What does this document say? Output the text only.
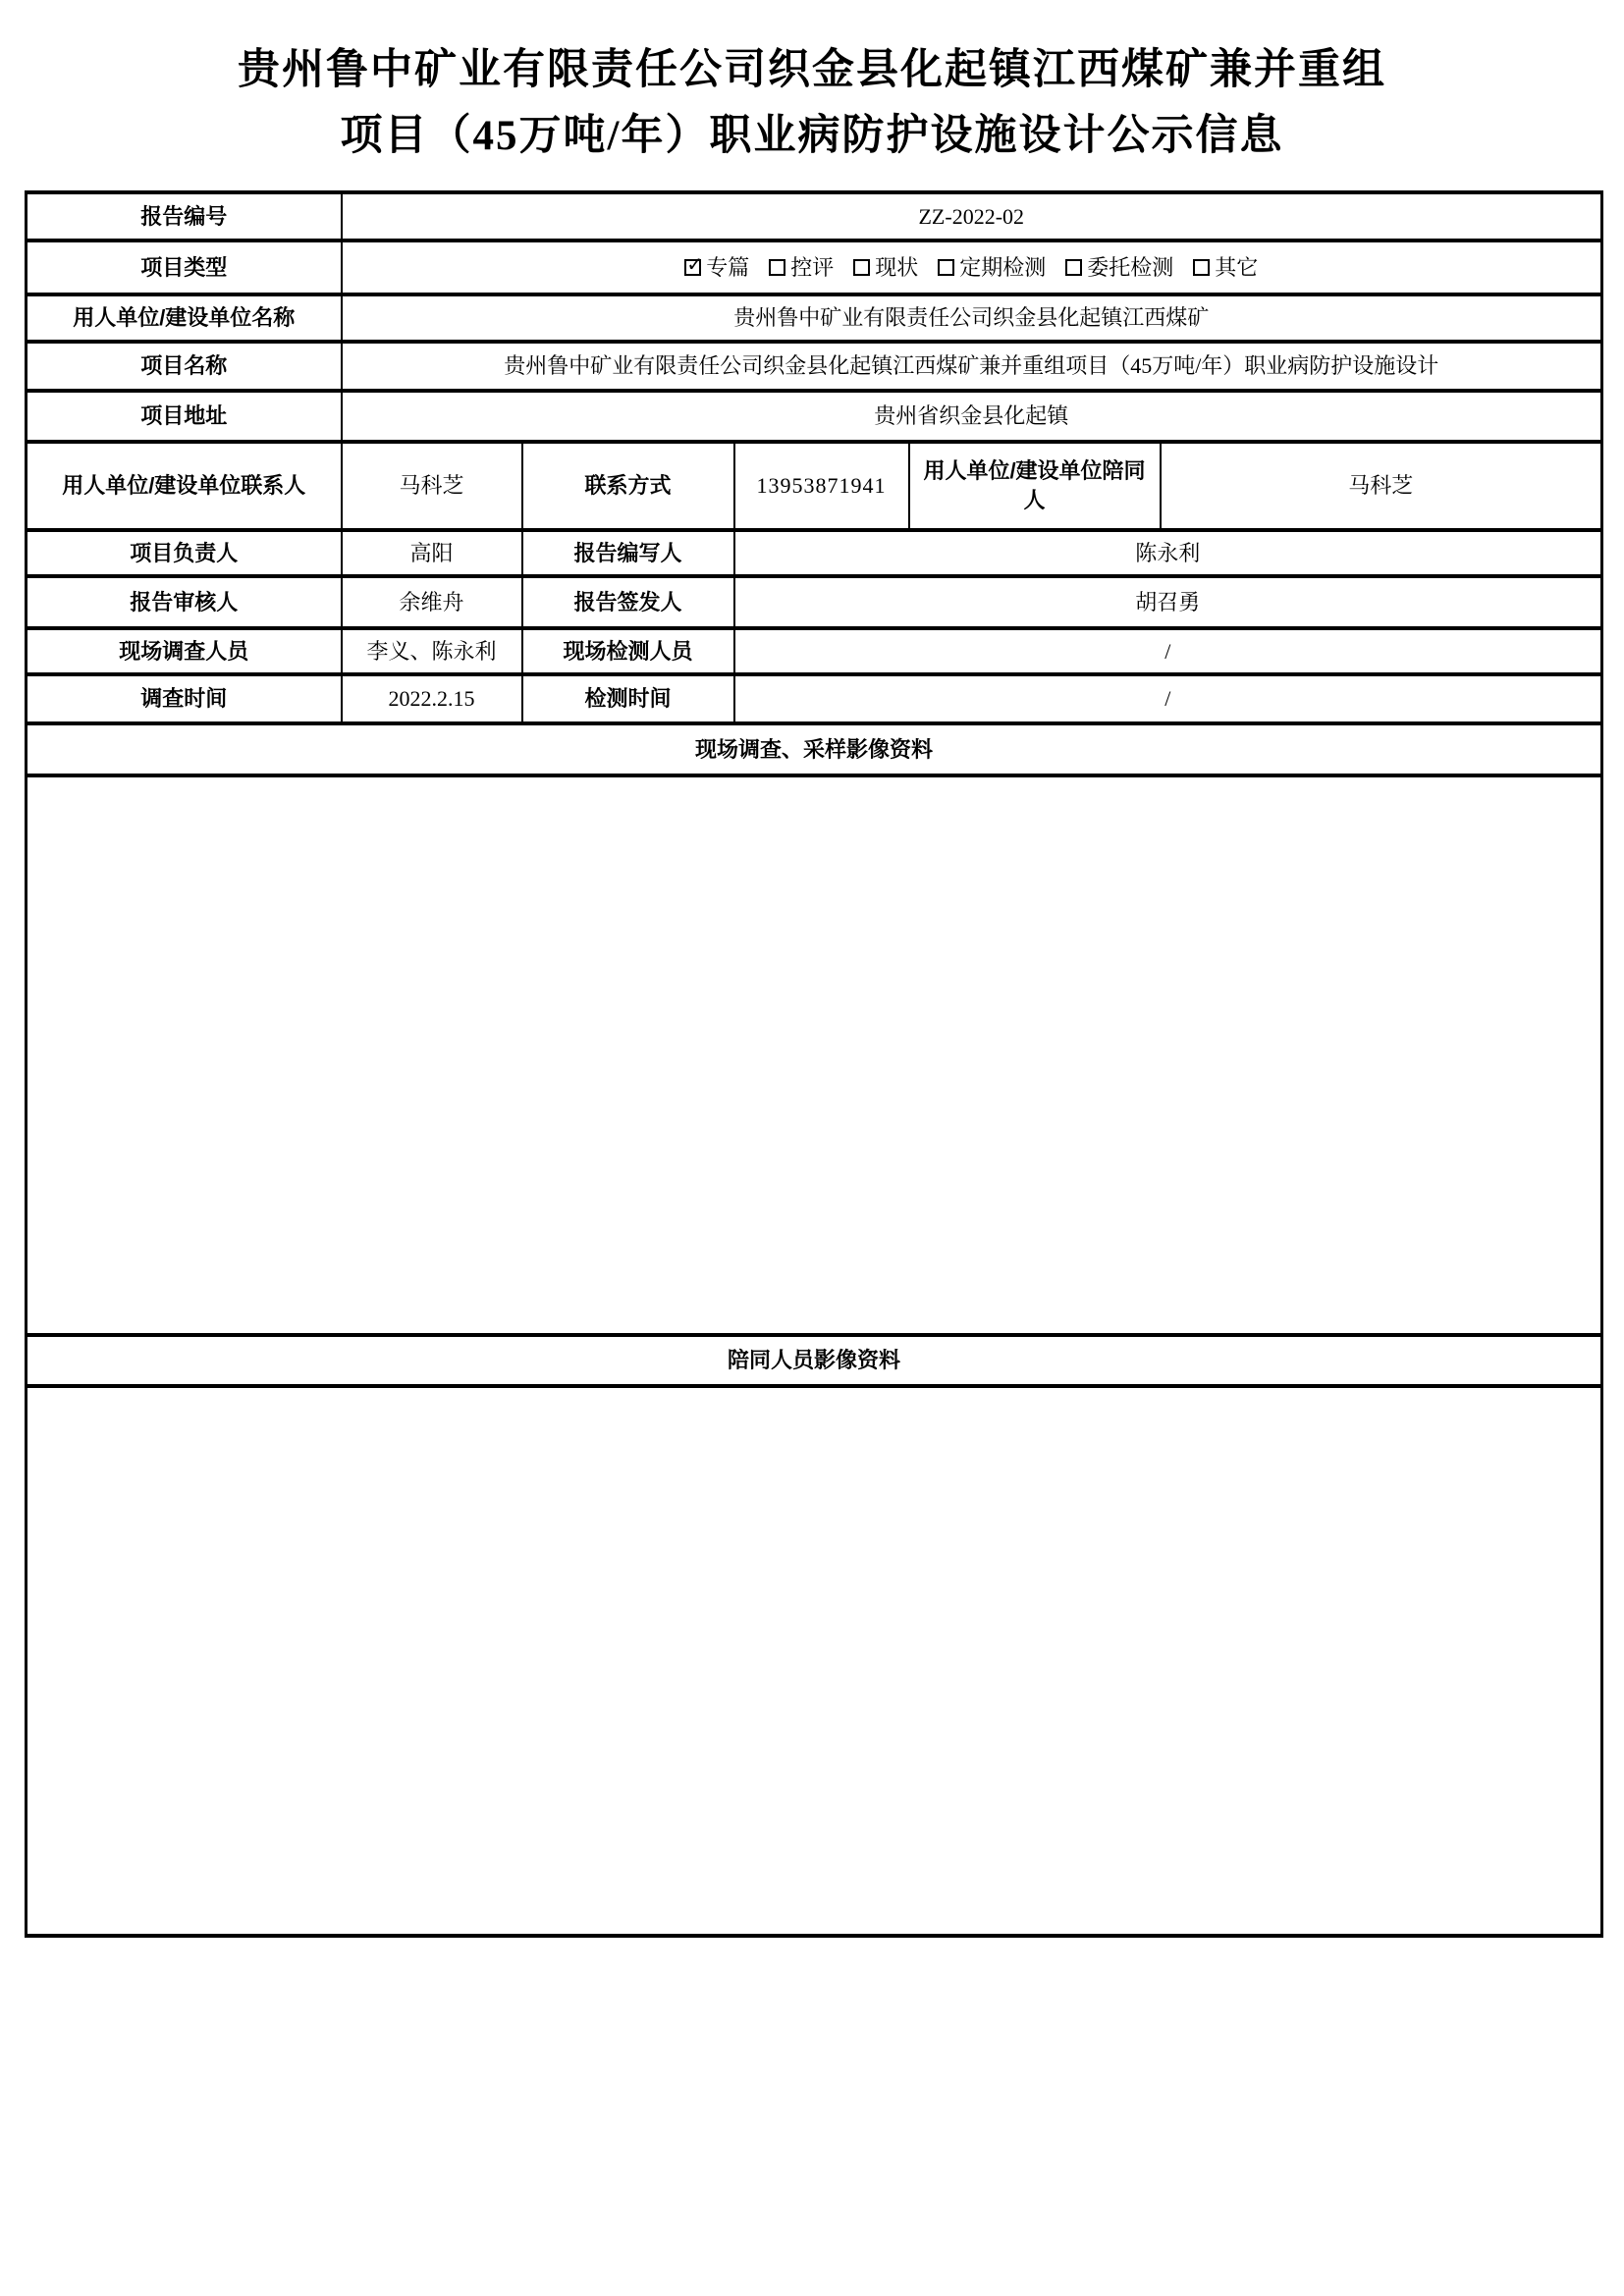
贵州鲁中矿业有限责任公司织金县化起镇江西煤矿兼并重组
项目（45万吨/年）职业病防护设施设计公示信息
报告编号	ZZ-2022-02				
项目类型	✓ 专篇 控评 现状 定期检测 委托检测 其它

用人单位/建设单位名称	贵州鲁中矿业有限责任公司织金县化起镇江西煤矿				
项目名称	贵州鲁中矿业有限责任公司织金县化起镇江西煤矿兼并重组项目（45万吨/年）职业病防护设施设计				
项目地址	贵州省织金县化起镇				
用人单位/建设单位联系人	马科芝	联系方式	13953871941	用人单位/建设单位陪同人	马科芝
项目负责人	高阳	报告编写人	陈永利		
报告审核人	余维舟	报告签发人	胡召勇		
现场调查人员	李义、陈永利	现场检测人员	/		
调查时间	2022.2.15	检测时间	/		
现场调查、采样影像资料					

陪同人员影像资料					
